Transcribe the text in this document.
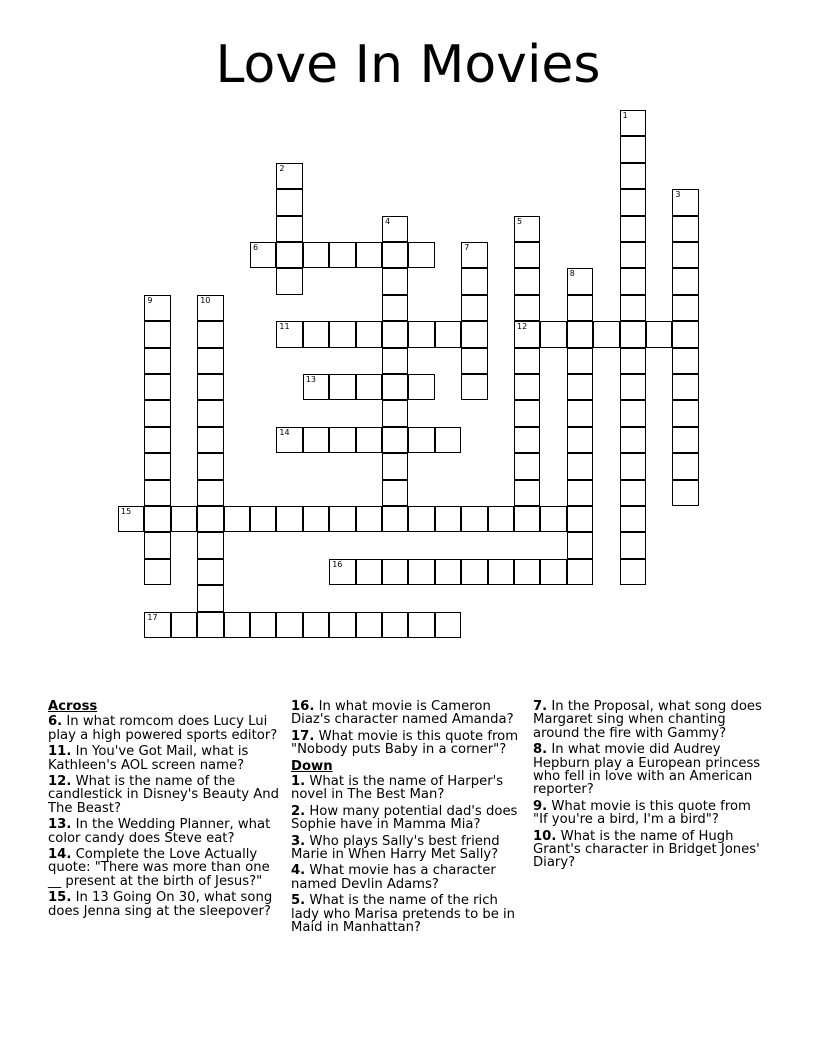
Love In Movies
6
11	12
13
14
15
16
17
1
2
3
4	5
7
8
9	10
Across
6. In what romcom does Lucy Lui play a high powered sports editor?
11. In You've Got Mail, what is Kathleen's AOL screen name?
12. What is the name of the candlestick in Disney's Beauty And The Beast?
13. In the Wedding Planner, what color candy does Steve eat?
14. Complete the Love Actually quote: "There was more than one __ present at the birth of Jesus?"
15. In 13 Going On 30, what song does Jenna sing at the sleepover?
16. In what movie is Cameron Diaz's character named Amanda?
17. What movie is this quote from "Nobody puts Baby in a corner"?
Down
1. What is the name of Harper's novel in The Best Man?
2. How many potential dad's does Sophie have in Mamma Mia?
3. Who plays Sally's best friend Marie in When Harry Met Sally?
4. What movie has a character named Devlin Adams?
5. What is the name of the rich lady who Marisa pretends to be in Maid in Manhattan?
7. In the Proposal, what song does Margaret sing when chanting around the fire with Gammy?
8. In what movie did Audrey Hepburn play a European princess who fell in love with an American reporter?
9. What movie is this quote from "If you're a bird, I'm a bird"?
10. What is the name of Hugh Grant's character in Bridget Jones' Diary?
